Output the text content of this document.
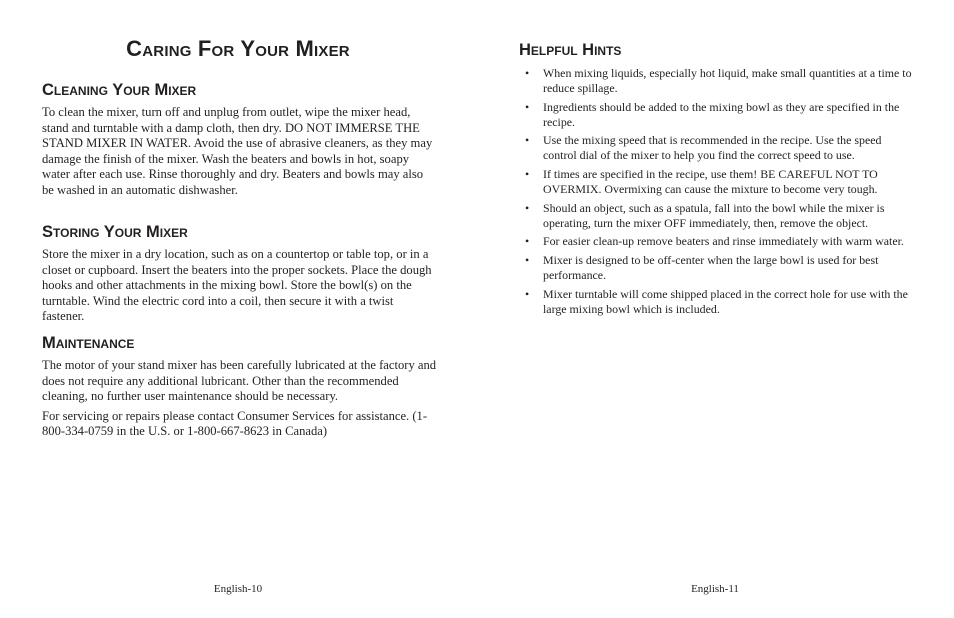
Caring For Your Mixer
Cleaning Your Mixer

To clean the mixer, turn off and unplug from outlet, wipe the mixer head, stand and turntable with a damp cloth, then dry. DO NOT IMMERSE THE STAND MIXER IN WATER. Avoid the use of abrasive cleaners, as they may damage the finish of the mixer. Wash the beaters and bowls in hot, soapy water after each use. Rinse thoroughly and dry. Beaters and bowls may also be washed in an automatic dishwasher.

Storing Your Mixer

Store the mixer in a dry location, such as on a countertop or table top, or in a closet or cupboard. Insert the beaters into the proper sockets. Place the dough hooks and other attachments in the mixing bowl. Store the bowl(s) on the turntable. Wind the electric cord into a coil, then secure it with a twist fastener.

Maintenance

The motor of your stand mixer has been carefully lubricated at the factory and does not require any additional lubricant. Other than the recommended cleaning, no further user maintenance should be necessary.

For servicing or repairs please contact Consumer Services for assistance. (1-800-334-0759 in the U.S. or 1-800-667-8623 in Canada)

English-10
Helpful Hints
• When mixing liquids, especially hot liquid, make small quantities at a time to reduce spillage.
• Ingredients should be added to the mixing bowl as they are specified in the recipe.
• Use the mixing speed that is recommended in the recipe. Use the speed control dial of the mixer to help you find the correct speed to use.
• If times are specified in the recipe, use them! BE CAREFUL NOT TO OVERMIX. Overmixing can cause the mixture to become very tough.
• Should an object, such as a spatula, fall into the bowl while the mixer is operating, turn the mixer OFF immediately, then, remove the object.
• For easier clean-up remove beaters and rinse immediately with warm water.
• Mixer is designed to be off-center when the large bowl is used for best performance.
• Mixer turntable will come shipped placed in the correct hole for use with the large mixing bowl which is included.
English-11
